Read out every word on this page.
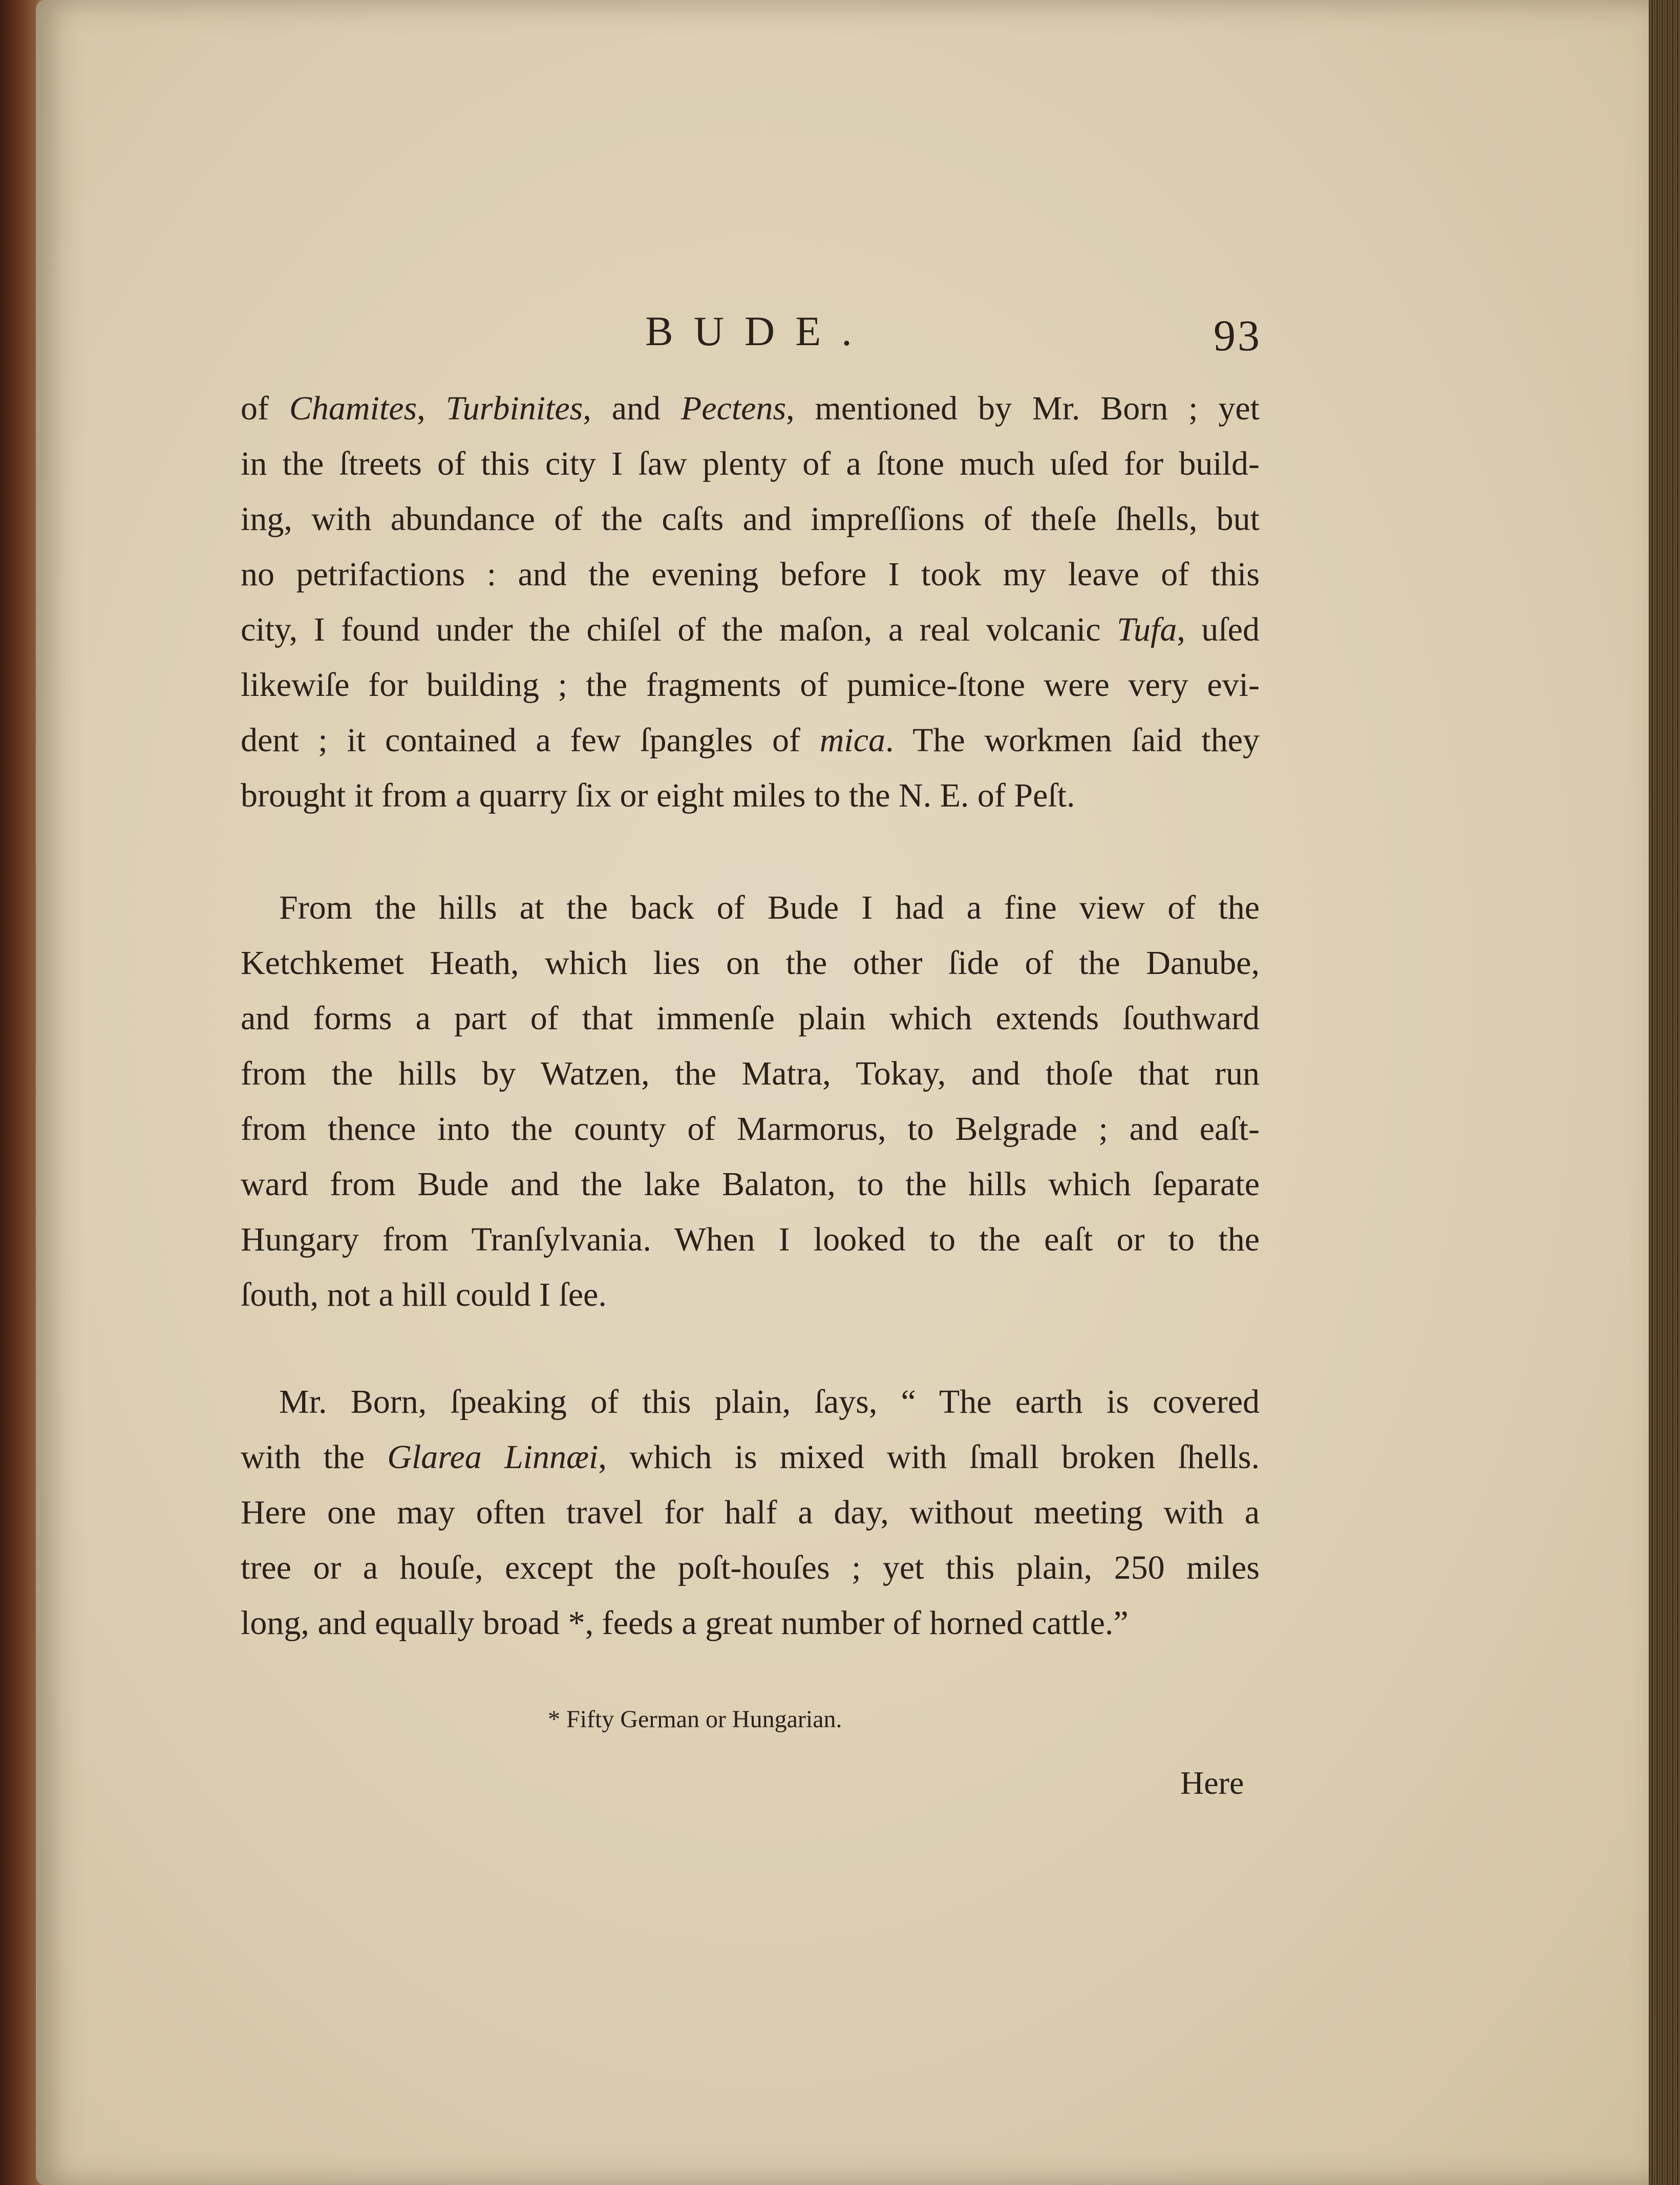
BUDE.	93
of Chamites, Turbinites, and Pectens, mentioned by Mr. Born ; yet
in the ſtreets of this city I ſaw plenty of a ſtone much uſed for build-
ing, with abundance of the caſts and impreſſions of theſe ſhells, but
no petrifactions : and the evening before I took my leave of this
city, I found under the chiſel of the maſon, a real volcanic Tufa, uſed
likewiſe for building ; the fragments of pumice-ſtone were very evi-
dent ; it contained a few ſpangles of mica. The workmen ſaid they
brought it from a quarry ſix or eight miles to the N. E. of Peſt.
From the hills at the back of Bude I had a fine view of the
Ketchkemet Heath, which lies on the other ſide of the Danube,
and forms a part of that immenſe plain which extends ſouthward
from the hills by Watzen, the Matra, Tokay, and thoſe that run
from thence into the county of Marmorus, to Belgrade ; and eaſt-
ward from Bude and the lake Balaton, to the hills which ſeparate
Hungary from Tranſylvania. When I looked to the eaſt or to the
ſouth, not a hill could I ſee.
Mr. Born, ſpeaking of this plain, ſays, “ The earth is covered
with the Glarea Linnæi, which is mixed with ſmall broken ſhells.
Here one may often travel for half a day, without meeting with a
tree or a houſe, except the poſt-houſes ; yet this plain, 250 miles
long, and equally broad *, feeds a great number of horned cattle.”
* Fifty German or Hungarian.
Here
